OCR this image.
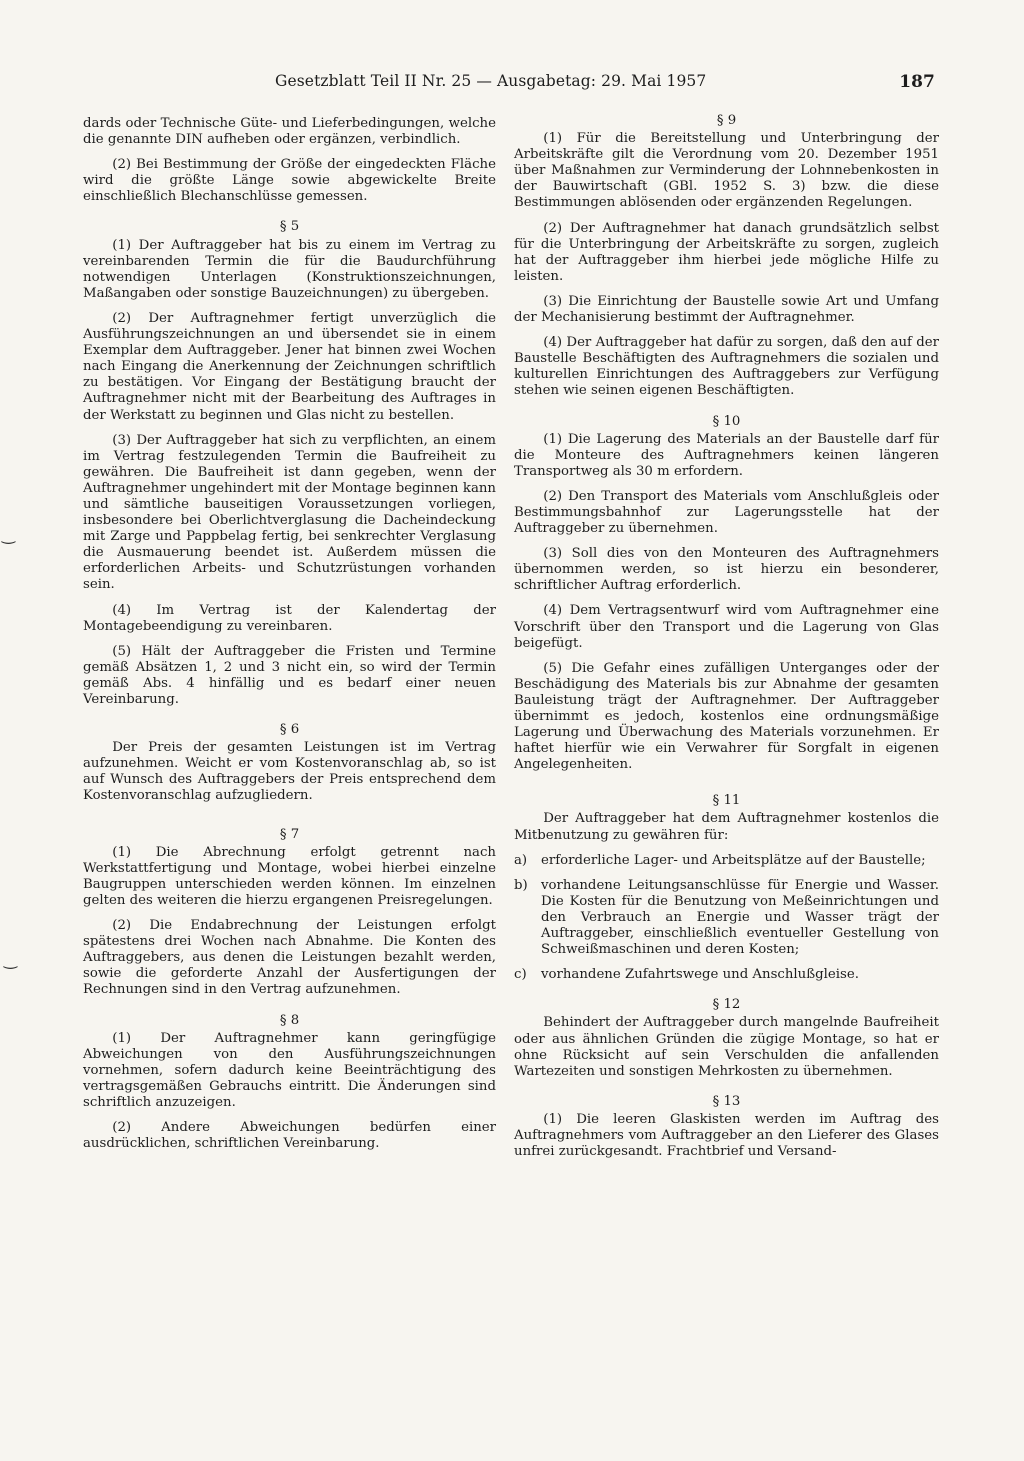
Gesetzblatt Teil II Nr. 25 — Ausgabetag: 29. Mai 1957	187
‿
‿

dards oder Technische Güte- und Lieferbedingungen, welche die genannte DIN aufheben oder ergänzen, verbindlich.

(2) Bei Bestimmung der Größe der eingedeckten Fläche wird die größte Länge sowie abgewickelte Breite einschließlich Blechanschlüsse gemessen.

§ 5

(1) Der Auftraggeber hat bis zu einem im Vertrag zu vereinbarenden Termin die für die Baudurchführung notwendigen Unterlagen (Konstruktionszeichnungen, Maßangaben oder sonstige Bauzeichnungen) zu übergeben.

(2) Der Auftragnehmer fertigt unverzüglich die Ausführungszeichnungen an und übersendet sie in einem Exemplar dem Auftraggeber. Jener hat binnen zwei Wochen nach Eingang die Anerkennung der Zeichnungen schriftlich zu bestätigen. Vor Eingang der Bestätigung braucht der Auftragnehmer nicht mit der Bearbeitung des Auftrages in der Werkstatt zu beginnen und Glas nicht zu bestellen.

(3) Der Auftraggeber hat sich zu verpflichten, an einem im Vertrag festzulegenden Termin die Baufreiheit zu gewähren. Die Baufreiheit ist dann gegeben, wenn der Auftragnehmer ungehindert mit der Montage beginnen kann und sämtliche bauseitigen Voraussetzungen vorliegen, insbesondere bei Oberlichtverglasung die Dacheindeckung mit Zarge und Pappbelag fertig, bei senkrechter Verglasung die Ausmauerung beendet ist. Außerdem müssen die erforderlichen Arbeits- und Schutzrüstungen vorhanden sein.

(4) Im Vertrag ist der Kalendertag der Montagebeendigung zu vereinbaren.

(5) Hält der Auftraggeber die Fristen und Termine gemäß Absätzen 1, 2 und 3 nicht ein, so wird der Termin gemäß Abs. 4 hinfällig und es bedarf einer neuen Vereinbarung.

§ 6

Der Preis der gesamten Leistungen ist im Vertrag aufzunehmen. Weicht er vom Kostenvoranschlag ab, so ist auf Wunsch des Auftraggebers der Preis entsprechend dem Kostenvoranschlag aufzugliedern.

§ 7

(1) Die Abrechnung erfolgt getrennt nach Werkstattfertigung und Montage, wobei hierbei einzelne Baugruppen unterschieden werden können. Im einzelnen gelten des weiteren die hierzu ergangenen Preisregelungen.

(2) Die Endabrechnung der Leistungen erfolgt spätestens drei Wochen nach Abnahme. Die Konten des Auftraggebers, aus denen die Leistungen bezahlt werden, sowie die geforderte Anzahl der Ausfertigungen der Rechnungen sind in den Vertrag aufzunehmen.

§ 8

(1) Der Auftragnehmer kann geringfügige Abweichungen von den Ausführungszeichnungen vornehmen, sofern dadurch keine Beeinträchtigung des vertragsgemäßen Gebrauchs eintritt. Die Änderungen sind schriftlich anzuzeigen.

(2) Andere Abweichungen bedürfen einer ausdrücklichen, schriftlichen Vereinbarung.

§ 9

(1) Für die Bereitstellung und Unterbringung der Arbeitskräfte gilt die Verordnung vom 20. Dezember 1951 über Maßnahmen zur Verminderung der Lohnnebenkosten in der Bauwirtschaft (GBl. 1952 S. 3) bzw. die diese Bestimmungen ablösenden oder ergänzenden Regelungen.

(2) Der Auftragnehmer hat danach grundsätzlich selbst für die Unterbringung der Arbeitskräfte zu sorgen, zugleich hat der Auftraggeber ihm hierbei jede mögliche Hilfe zu leisten.

(3) Die Einrichtung der Baustelle sowie Art und Umfang der Mechanisierung bestimmt der Auftragnehmer.

(4) Der Auftraggeber hat dafür zu sorgen, daß den auf der Baustelle Beschäftigten des Auftragnehmers die sozialen und kulturellen Einrichtungen des Auftraggebers zur Verfügung stehen wie seinen eigenen Beschäftigten.

§ 10

(1) Die Lagerung des Materials an der Baustelle darf für die Monteure des Auftragnehmers keinen längeren Transportweg als 30 m erfordern.

(2) Den Transport des Materials vom Anschlußgleis oder Bestimmungsbahnhof zur Lagerungsstelle hat der Auftraggeber zu übernehmen.

(3) Soll dies von den Monteuren des Auftragnehmers übernommen werden, so ist hierzu ein besonderer, schriftlicher Auftrag erforderlich.

(4) Dem Vertragsentwurf wird vom Auftragnehmer eine Vorschrift über den Transport und die Lagerung von Glas beigefügt.

(5) Die Gefahr eines zufälligen Unterganges oder der Beschädigung des Materials bis zur Abnahme der gesamten Bauleistung trägt der Auftragnehmer. Der Auftraggeber übernimmt es jedoch, kostenlos eine ordnungsmäßige Lagerung und Überwachung des Materials vorzunehmen. Er haftet hierfür wie ein Verwahrer für Sorgfalt in eigenen Angelegenheiten.

§ 11

Der Auftraggeber hat dem Auftragnehmer kostenlos die Mitbenutzung zu gewähren für:

a) erforderliche Lager- und Arbeitsplätze auf der Baustelle;
b) vorhandene Leitungsanschlüsse für Energie und Wasser. Die Kosten für die Benutzung von Meßeinrichtungen und den Verbrauch an Energie und Wasser trägt der Auftraggeber, einschließlich eventueller Gestellung von Schweißmaschinen und deren Kosten;
c) vorhandene Zufahrtswege und Anschlußgleise.

§ 12

Behindert der Auftraggeber durch mangelnde Baufreiheit oder aus ähnlichen Gründen die zügige Montage, so hat er ohne Rücksicht auf sein Verschulden die anfallenden Wartezeiten und sonstigen Mehrkosten zu übernehmen.

§ 13

(1) Die leeren Glaskisten werden im Auftrag des Auftragnehmers vom Auftraggeber an den Lieferer des Glases unfrei zurückgesandt. Frachtbrief und Versand-
